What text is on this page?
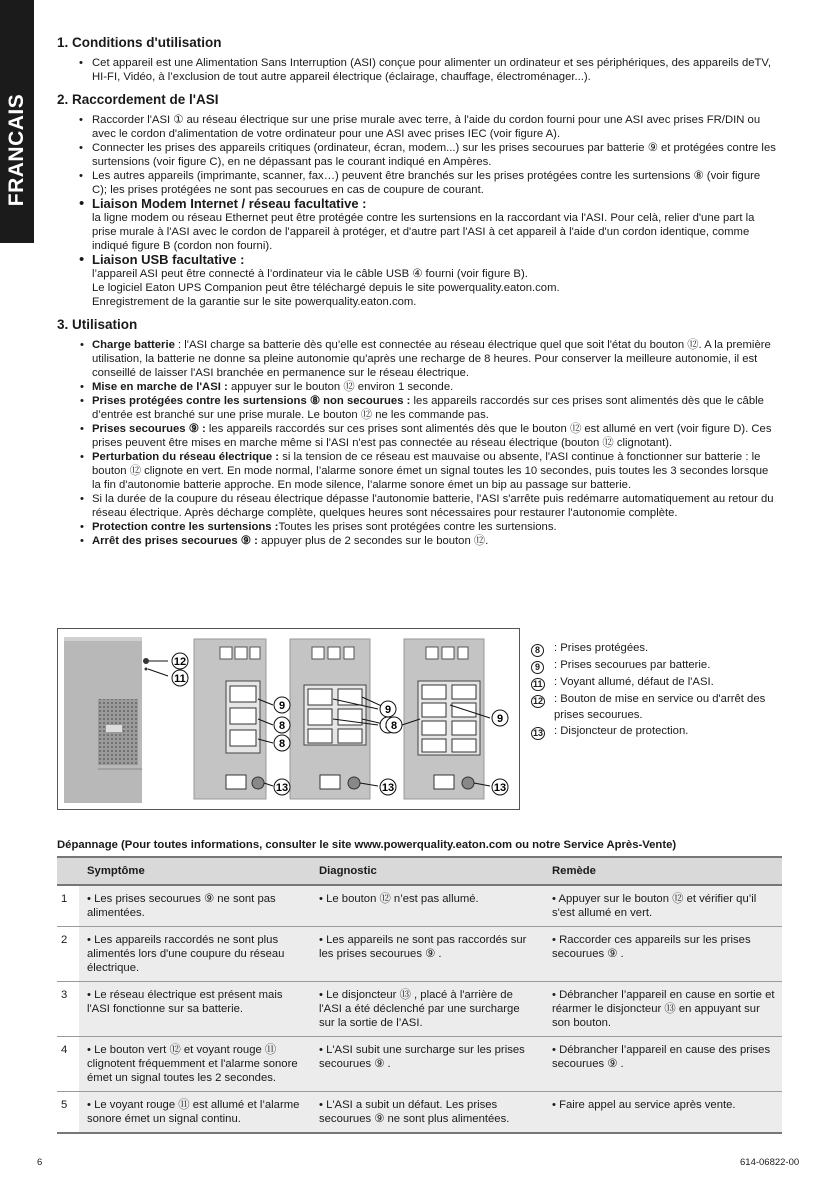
FRANCAIS
1. Conditions d'utilisation
• Cet appareil est une Alimentation Sans Interruption (ASI) conçue pour alimenter un ordinateur et ses périphériques, des appareils deTV, HI-FI, Vidéo, à l’exclusion de tout autre appareil électrique (éclairage, chauffage, électroménager...).
2. Raccordement de l'ASI
• Raccorder l'ASI ① au réseau électrique sur une prise murale avec terre, à l'aide du cordon fourni pour une ASI avec prises FR/DIN ou avec le cordon d'alimentation de votre ordinateur pour une ASI avec prises IEC (voir figure A).
• Connecter les prises des appareils critiques (ordinateur, écran, modem...) sur les prises secourues par batterie ⑨ et protégées contre les surtensions (voir figure C), en ne dépassant pas le courant indiqué en Ampères.
• Les autres appareils (imprimante, scanner, fax…) peuvent être branchés sur les prises protégées contre les surtensions ⑧ (voir figure C); les prises protégées ne sont pas secourues en cas de coupure de courant.
• Liaison Modem Internet / réseau facultative :
la ligne modem ou réseau Ethernet peut être protégée contre les surtensions en la raccordant via l'ASI. Pour celà, relier d'une part la prise murale à l'ASI avec le cordon de l'appareil à protéger, et d'autre part l'ASI à cet appareil à l'aide d'un cordon identique, comme indiqué figure B (cordon non fourni).
• Liaison USB facultative :
l’appareil ASI peut être connecté à l’ordinateur via le câble USB ④ fourni (voir figure B).
Le logiciel Eaton UPS Companion peut être téléchargé depuis le site powerquality.eaton.com.
Enregistrement de la garantie sur le site powerquality.eaton.com.
3. Utilisation
• Charge batterie : l'ASI charge sa batterie dès qu’elle est connectée au réseau électrique quel que soit l'état du bouton ⑫. A la première utilisation, la batterie ne donne sa pleine autonomie qu'après une recharge de 8 heures. Pour conserver la meilleure autonomie, il est conseillé de laisser l'ASI branchée en permanence sur le réseau électrique.
• Mise en marche de l'ASI : appuyer sur le bouton ⑫ environ 1 seconde.
• Prises protégées contre les surtensions ⑧ non secourues : les appareils raccordés sur ces prises sont alimentés dès que le câble d’entrée est branché sur une prise murale. Le bouton ⑫ ne les commande pas.
• Prises secourues ⑨ : les appareils raccordés sur ces prises sont alimentés dès que le bouton ⑫ est allumé en vert (voir figure D). Ces prises peuvent être mises en marche même si l'ASI n'est pas connectée au réseau électrique (bouton ⑫ clignotant).
• Perturbation du réseau électrique : si la tension de ce réseau est mauvaise ou absente, l'ASI continue à fonctionner sur batterie : le bouton ⑫ clignote en vert. En mode normal, l’alarme sonore émet un signal toutes les 10 secondes, puis toutes les 3 secondes lorsque la fin d'autonomie batterie approche. En mode silence, l’alarme sonore émet un bip au passage sur batterie.
• Si la durée de la coupure du réseau électrique dépasse l'autonomie batterie, l'ASI s'arrête puis redémarre automatiquement au retour du réseau électrique. Après décharge complète, quelques heures sont nécessaires pour restaurer l'autonomie complète.
• Protection contre les surtensions :Toutes les prises sont protégées contre les surtensions.
• Arrêt des prises secourues ⑨ : appuyer plus de 2 secondes sur le bouton ⑫.
12
11
9
8
8
13
9
13
9
8
13
8	: Prises protégées.
9	: Prises secourues par batterie.
11	: Voyant allumé, défaut de l'ASI.
12 : Bouton de mise en service ou d'arrêt des prises secourues.
13 : Disjoncteur de protection.
Dépannage (Pour toutes informations, consulter le site www.powerquality.eaton.com ou notre Service Après-Vente)
	Symptôme	Diagnostic	Remède
1	• Les prises secourues ⑨ ne sont pas alimentées.	• Le bouton ⑫ n’est pas allumé.	• Appuyer sur le bouton ⑫ et vérifier qu’il s'est allumé en vert.
2	• Les appareils raccordés ne sont plus alimentés lors d'une coupure du réseau électrique.	• Les appareils ne sont pas raccordés sur les prises secourues ⑨ .	• Raccorder ces appareils sur les prises secourues ⑨ .
3	• Le réseau électrique est présent mais l'ASI fonctionne sur sa batterie.	• Le disjoncteur ⑬ , placé à l'arrière de l'ASI a été déclenché par une surcharge sur la sortie de l’ASI.	• Débrancher l’appareil en cause en sortie et réarmer le disjoncteur ⑬ en appuyant sur son bouton.
4	• Le bouton vert ⑫ et voyant rouge ⑪ clignotent fréquemment et l'alarme sonore émet un signal toutes les 2 secondes.	• L'ASI subit une surcharge sur les prises secourues ⑨ .	• Débrancher l’appareil en cause des prises secourues ⑨ .
5	• Le voyant rouge ⑪ est allumé et l’alarme sonore émet un signal continu.	• L'ASI a subit un défaut. Les prises secourues ⑨ ne sont plus alimentées.	• Faire appel au service après vente.
6	614-06822-00
